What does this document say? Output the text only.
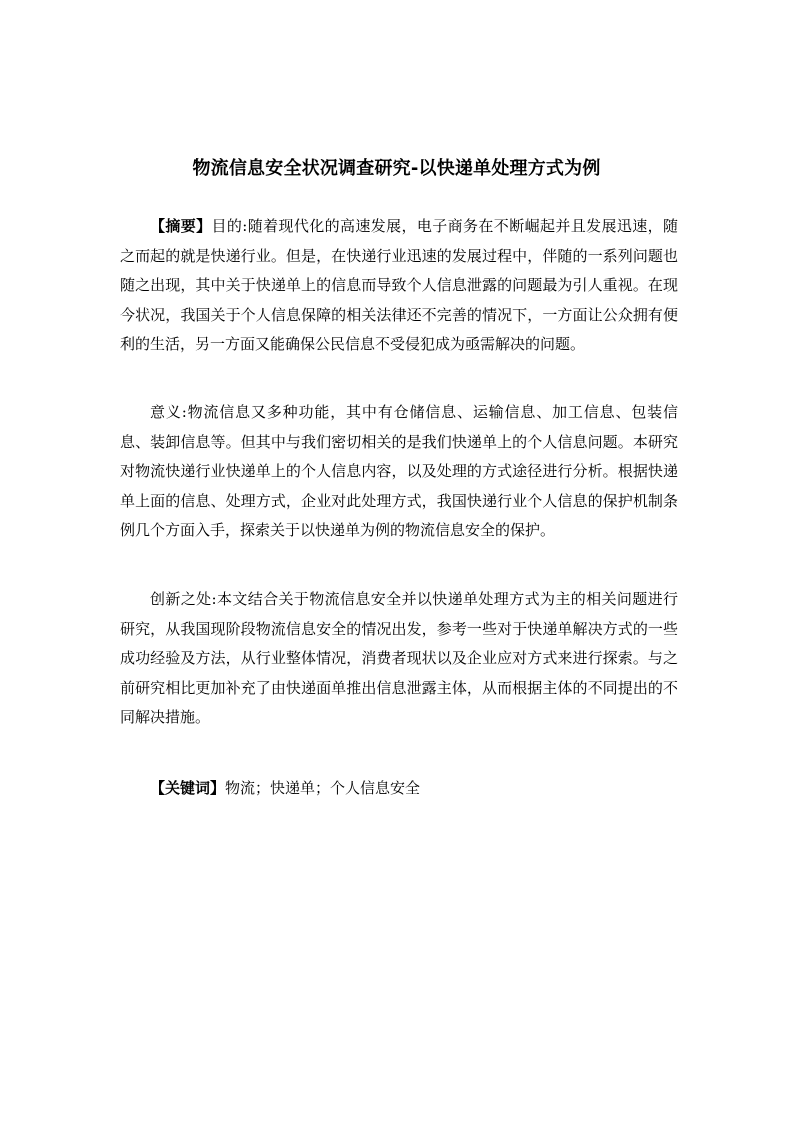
物流信息安全状况调查研究-以快递单处理方式为例

【摘要】目的:随着现代化的高速发展，电子商务在不断崛起并且发展迅速，随之而起的就是快递行业。但是，在快递行业迅速的发展过程中，伴随的一系列问题也随之出现，其中关于快递单上的信息而导致个人信息泄露的问题最为引人重视。在现今状况，我国关于个人信息保障的相关法律还不完善的情况下，一方面让公众拥有便利的生活，另一方面又能确保公民信息不受侵犯成为亟需解决的问题。

意义:物流信息又多种功能，其中有仓储信息、运输信息、加工信息、包装信息、装卸信息等。但其中与我们密切相关的是我们快递单上的个人信息问题。本研究对物流快递行业快递单上的个人信息内容，以及处理的方式途径进行分析。根据快递单上面的信息、处理方式，企业对此处理方式，我国快递行业个人信息的保护机制条例几个方面入手，探索关于以快递单为例的物流信息安全的保护。

创新之处:本文结合关于物流信息安全并以快递单处理方式为主的相关问题进行研究，从我国现阶段物流信息安全的情况出发，参考一些对于快递单解决方式的一些成功经验及方法，从行业整体情况，消费者现状以及企业应对方式来进行探索。与之前研究相比更加补充了由快递面单推出信息泄露主体，从而根据主体的不同提出的不同解决措施。

【关键词】物流；快递单；个人信息安全
